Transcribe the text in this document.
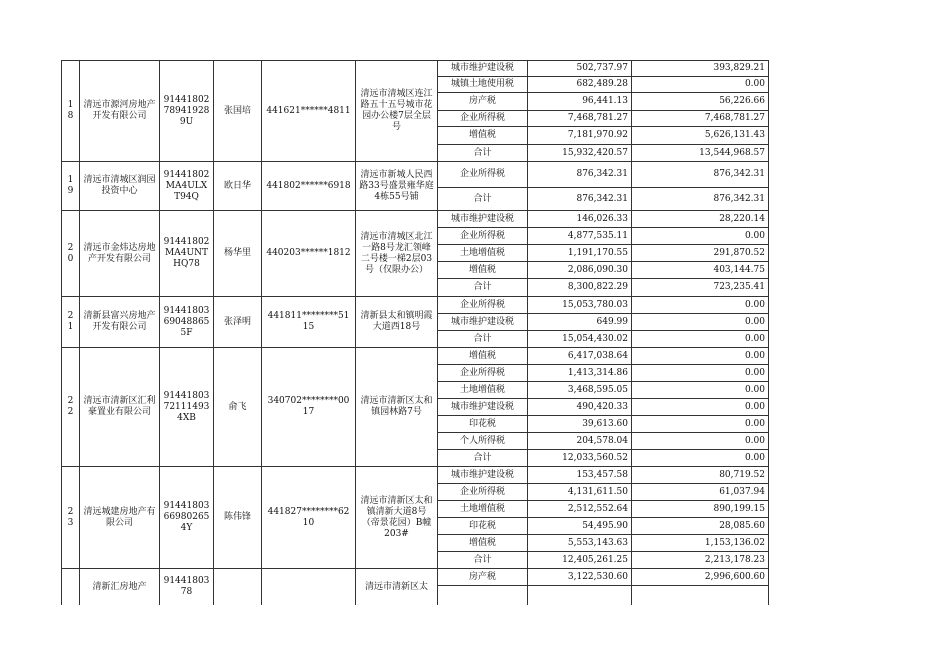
18	清远市源河房地产开发有限公司	91441802789419289U	张国培	441621******4811	清远市清城区连江路五十五号城市花园办公楼7层全层号	城市维护建设税	502,737.97	393,829.21
						城镇土地使用税	682,489.28	0.00
						房产税	96,441.13	56,226.66
						企业所得税	7,468,781.27	7,468,781.27
						增值税	7,181,970.92	5,626,131.43
						合计	15,932,420.57	13,544,968.57
19	清远市清城区润园投资中心	91441802MA4ULXT94Q	欧日华	441802******6918	清远市新城人民西路33号盛景雍华庭4栋55号铺	企业所得税	876,342.31	876,342.31
						合计	876,342.31	876,342.31
20	清远市金炜达房地产开发有限公司	91441802MA4UNTHQ78	杨华里	440203******1812	清远市清城区北江一路8号龙汇领峰二号楼一梯2层03号（仅限办公）	城市维护建设税	146,026.33	28,220.14
						企业所得税	4,877,535.11	0.00
						土地增值税	1,191,170.55	291,870.52
						增值税	2,086,090.30	403,144.75
						合计	8,300,822.29	723,235.41
21	清新县富兴房地产开发有限公司	91441803690488655F	张泽明	441811********5115	清新县太和镇明霞大道西18号	企业所得税	15,053,780.03	0.00
						城市维护建设税	649.99	0.00
						合计	15,054,430.02	0.00
22	清远市清新区汇利豪置业有限公司	91441803721114934XB	俞飞	340702********0017	清远市清新区太和镇园林路7号	增值税	6,417,038.64	0.00
						企业所得税	1,413,314.86	0.00
						土地增值税	3,468,595.05	0.00
						城市维护建设税	490,420.33	0.00
						印花税	39,613.60	0.00
						个人所得税	204,578.04	0.00
						合计	12,033,560.52	0.00
23	清远城建房地产有限公司	91441803669802654Y	陈伟锋	441827********6210	清远市清新区太和镇清新大道8号（帝景花园）B幢203#	城市维护建设税	153,457.58	80,719.52
						企业所得税	4,131,611.50	61,037.94
						土地增值税	2,512,552.64	890,199.15
						印花税	54,495.90	28,085.60
						增值税	5,553,143.63	1,153,136.02
						合计	12,405,261.25	2,213,178.23
	清新汇房地产	9144180378			清远市清新区太	房产税	3,122,530.60	2,996,600.60
